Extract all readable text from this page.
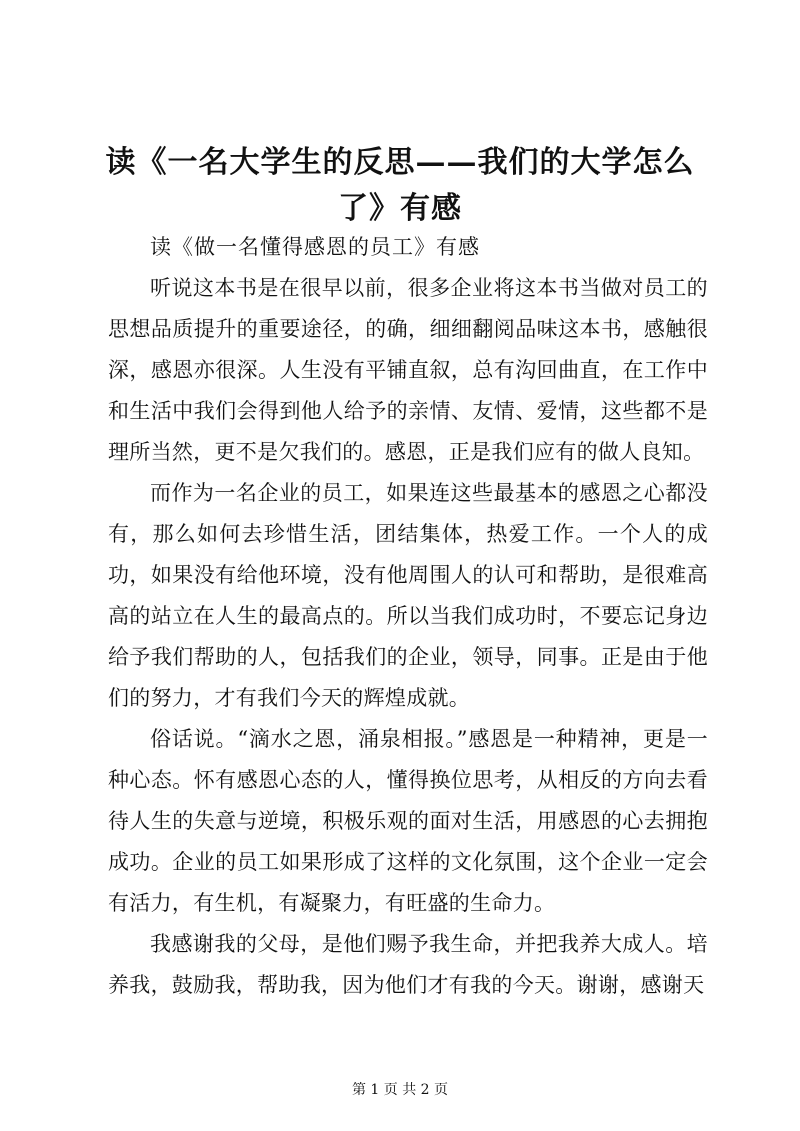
读《一名大学生的反思——我们的大学怎么
了》有感
读《做一名懂得感恩的员工》有感

听说这本书是在很早以前，很多企业将这本书当做对员工的思想品质提升的重要途径，的确，细细翻阅品味这本书，感触很深，感恩亦很深。人生没有平铺直叙，总有沟回曲直，在工作中和生活中我们会得到他人给予的亲情、友情、爱情，这些都不是理所当然，更不是欠我们的。感恩，正是我们应有的做人良知。

而作为一名企业的员工，如果连这些最基本的感恩之心都没有，那么如何去珍惜生活，团结集体，热爱工作。一个人的成功，如果没有给他环境，没有他周围人的认可和帮助，是很难高高的站立在人生的最高点的。所以当我们成功时，不要忘记身边给予我们帮助的人，包括我们的企业，领导，同事。正是由于他们的努力，才有我们今天的辉煌成就。

俗话说。“滴水之恩，涌泉相报。”感恩是一种精神，更是一种心态。怀有感恩心态的人，懂得换位思考，从相反的方向去看待人生的失意与逆境，积极乐观的面对生活，用感恩的心去拥抱成功。企业的员工如果形成了这样的文化氛围，这个企业一定会有活力，有生机，有凝聚力，有旺盛的生命力。

我感谢我的父母，是他们赐予我生命，并把我养大成人。培养我，鼓励我，帮助我，因为他们才有我的今天。谢谢，感谢天

第 1 页 共 2 页
